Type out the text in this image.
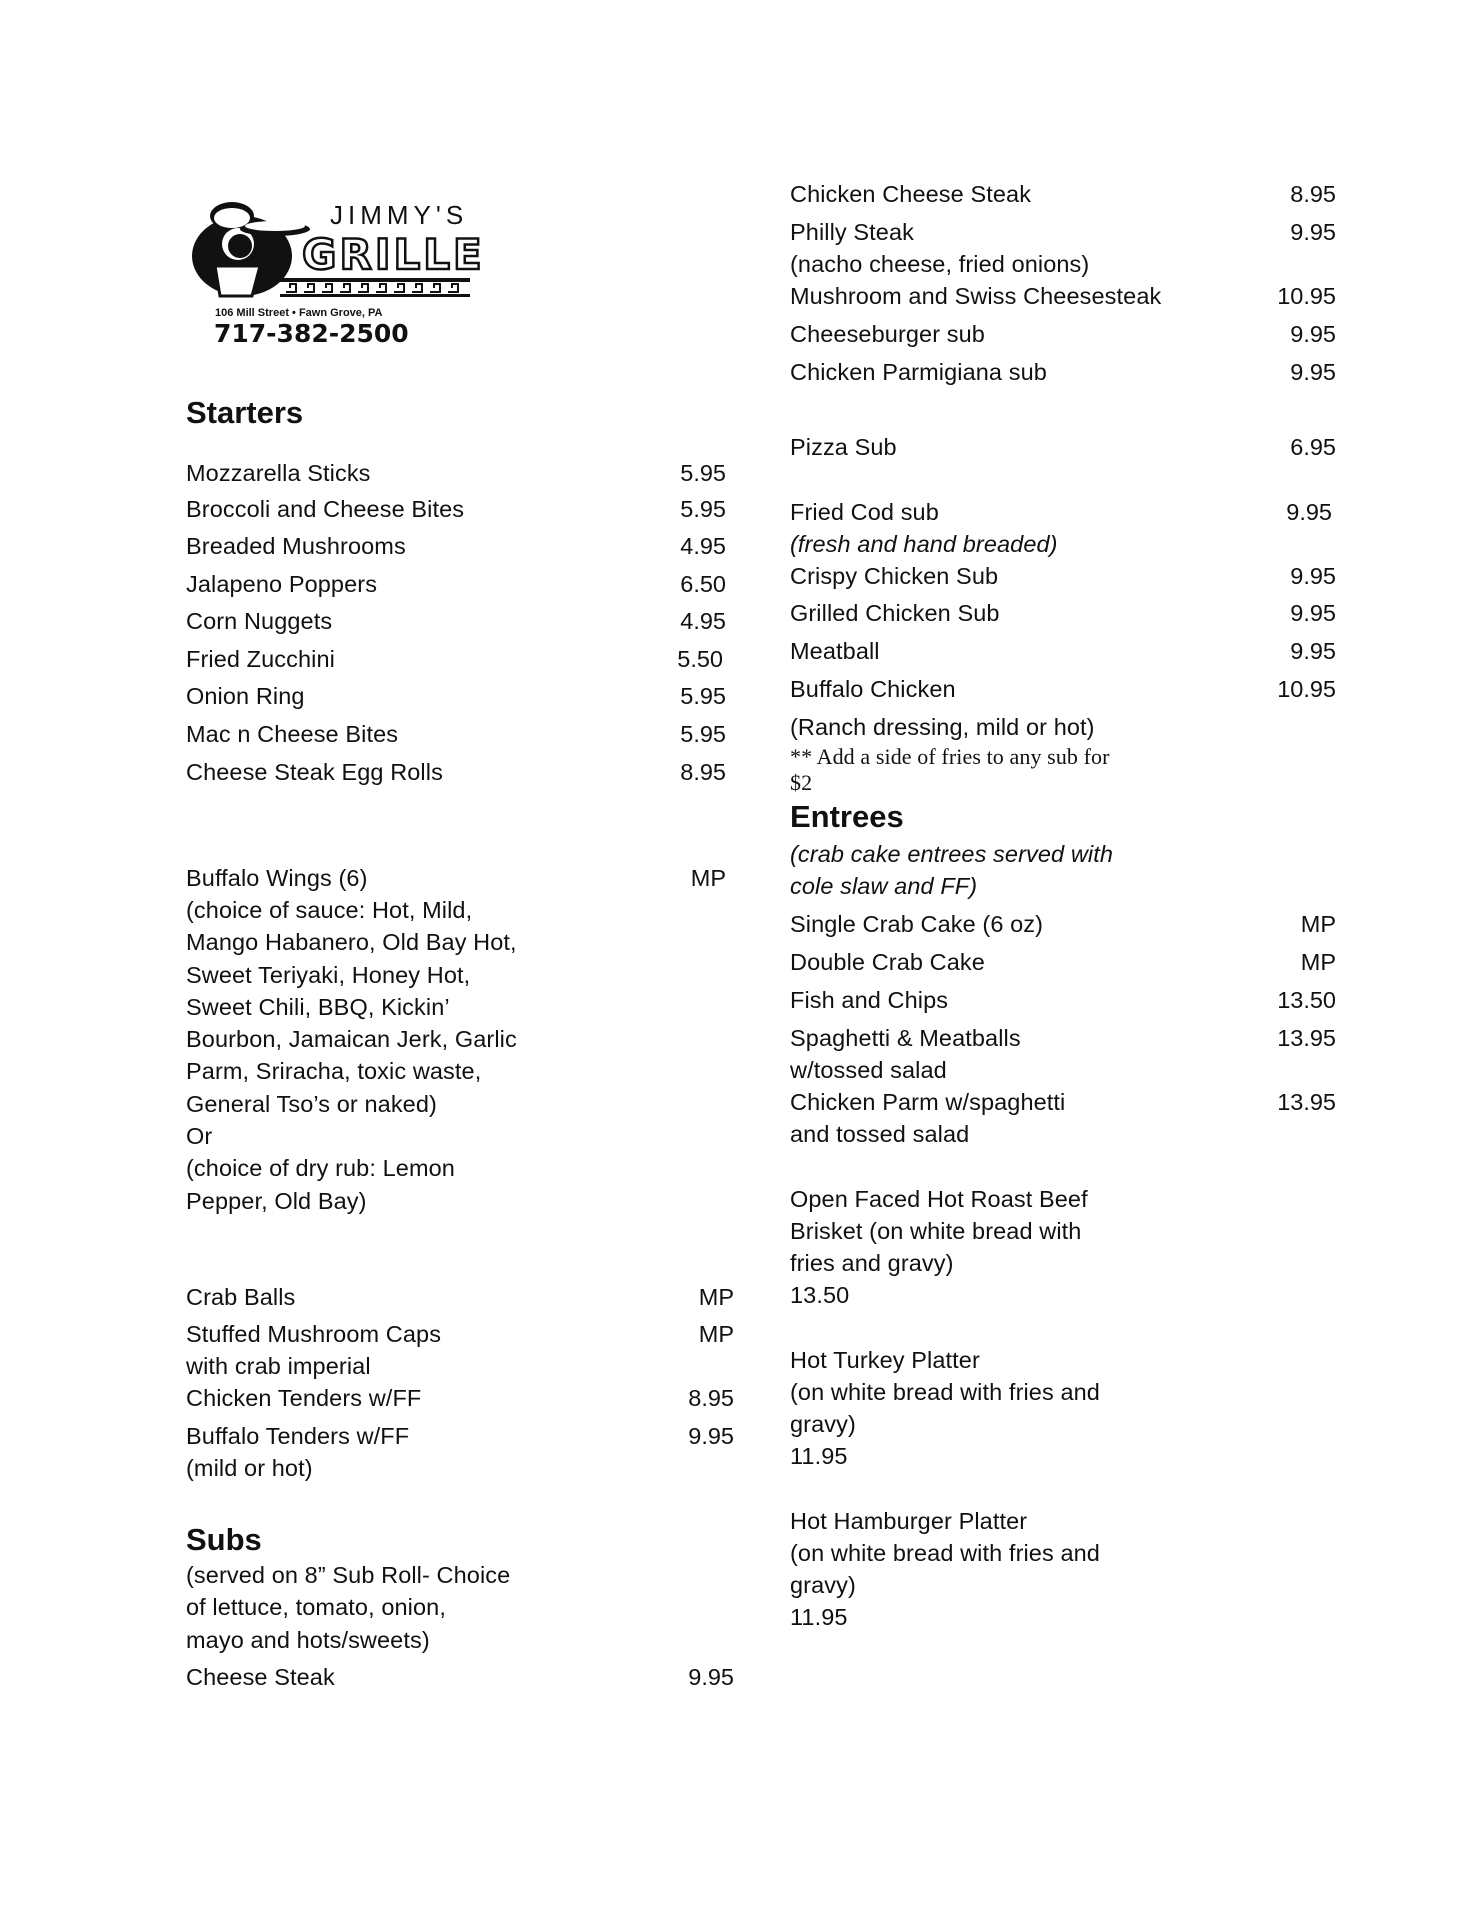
JIMMY'S
GRILLE
106 Mill Street • Fawn Grove, PA
717-382-2500
Starters
Mozzarella Sticks	5.95
Broccoli and Cheese Bites	5.95
Breaded Mushrooms	4.95
Jalapeno Poppers	6.50
Corn Nuggets	4.95
Fried Zucchini	5.50
Onion Ring	5.95
Mac n Cheese Bites	5.95
Cheese Steak Egg Rolls	8.95
Buffalo Wings (6)	MP
(choice of sauce: Hot, Mild,
Mango Habanero, Old Bay Hot,
Sweet Teriyaki, Honey Hot,
Sweet Chili, BBQ, Kickin’
Bourbon, Jamaican Jerk, Garlic
Parm, Sriracha, toxic waste,
General Tso’s or naked)
Or
(choice of dry rub: Lemon
Pepper, Old Bay)
Crab Balls	MP
Stuffed Mushroom Caps	MP
with crab imperial
Chicken Tenders w/FF	8.95
Buffalo Tenders w/FF	9.95
(mild or hot)
Subs
(served on 8” Sub Roll- Choice
of lettuce, tomato, onion,
mayo and hots/sweets)
Cheese Steak	9.95
Chicken Cheese Steak	8.95
Philly Steak	9.95
(nacho cheese, fried onions)
Mushroom and Swiss Cheesesteak	10.95
Cheeseburger sub	9.95
Chicken Parmigiana sub	9.95
Pizza Sub	6.95
Fried Cod sub	9.95
(fresh and hand breaded)
Crispy Chicken Sub	9.95
Grilled Chicken Sub	9.95
Meatball	9.95
Buffalo Chicken	10.95
(Ranch dressing, mild or hot)
** Add a side of fries to any sub for
$2
Entrees
(crab cake entrees served with
cole slaw and FF)
Single Crab Cake (6 oz)	MP
Double Crab Cake	MP
Fish and Chips	13.50
Spaghetti & Meatballs	13.95
w/tossed salad
Chicken Parm w/spaghetti	13.95
and tossed salad
Open Faced Hot Roast Beef
Brisket (on white bread with
fries and gravy)
13.50
Hot Turkey Platter
(on white bread with fries and
gravy)
11.95
Hot Hamburger Platter
(on white bread with fries and
gravy)
11.95
